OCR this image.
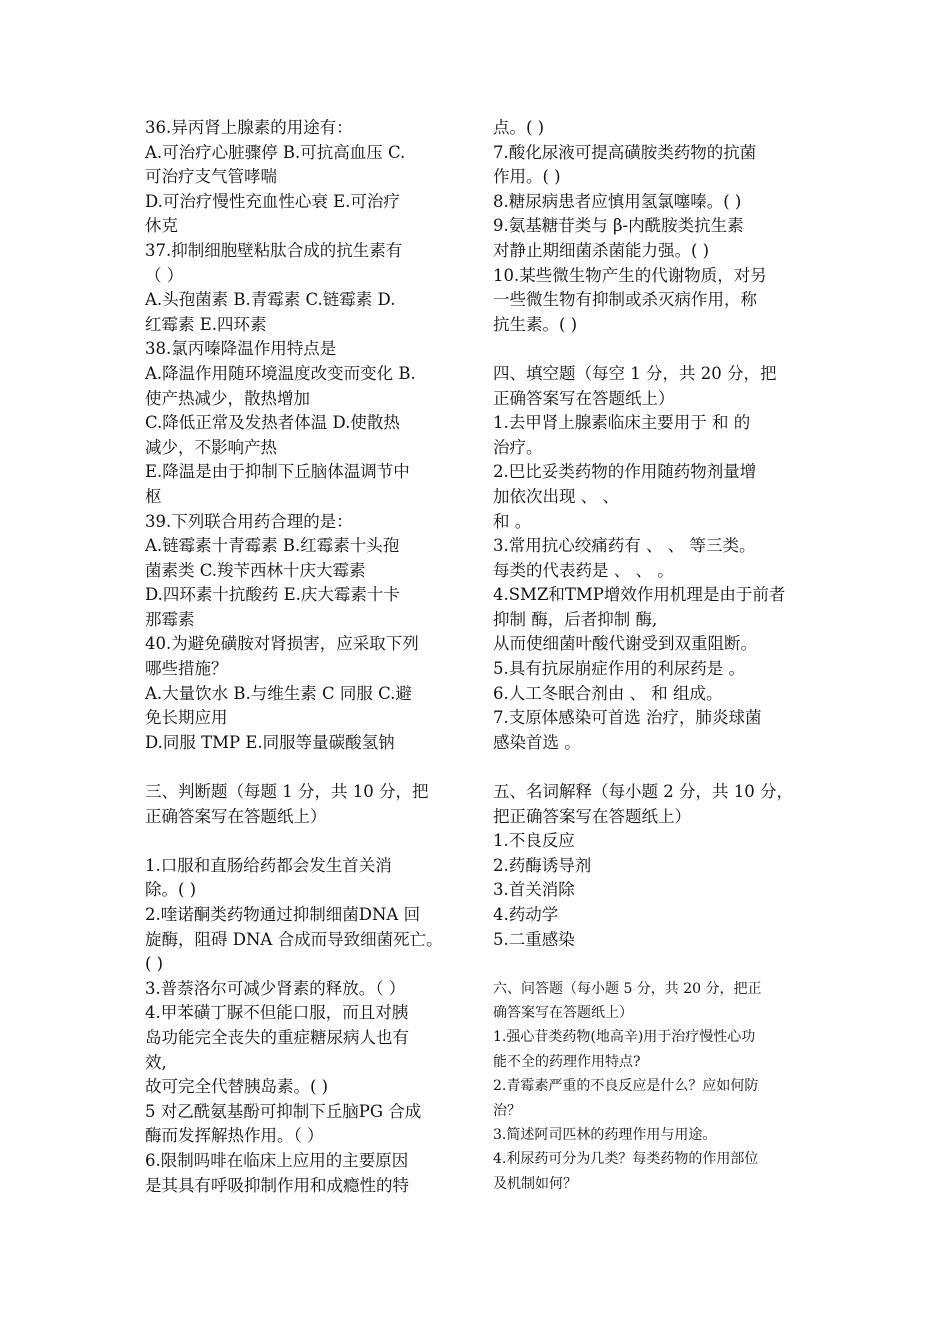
36.异丙肾上腺素的用途有：

A.可治疗心脏骤停 B.可抗高血压 C.

可治疗支气管哮喘

D.可治疗慢性充血性心衰 E.可治疗

休克

37.抑制细胞壁粘肽合成的抗生素有

（ ）

A.头孢菌素 B.青霉素 C.链霉素 D.

红霉素 E.四环素

38.氯丙嗪降温作用特点是

A.降温作用随环境温度改变而变化 B.

使产热减少，散热增加

C.降低正常及发热者体温 D.使散热

减少，不影响产热

E.降温是由于抑制下丘脑体温调节中

枢

39.下列联合用药合理的是：

A.链霉素十青霉素 B.红霉素十头孢

菌素类 C.羧苄西林十庆大霉素

D.四环素十抗酸药 E.庆大霉素十卡

那霉素

40.为避免磺胺对肾损害，应采取下列

哪些措施？

A.大量饮水 B.与维生素 C 同服 C.避

免长期应用

D.同服 TMP E.同服等量碳酸氢钠

三、判断题（每题 1 分，共 10 分，把

正确答案写在答题纸上）

1.口服和直肠给药都会发生首关消

除。( )

2.喹诺酮类药物通过抑制细菌DNA 回

旋酶，阻碍 DNA 合成而导致细菌死亡。

( )

3.普萘洛尔可减少肾素的释放。（ ）

4.甲苯磺丁脲不但能口服，而且对胰

岛功能完全丧失的重症糖尿病人也有

效,

故可完全代替胰岛素。( )

5 对乙酰氨基酚可抑制下丘脑PG 合成

酶而发挥解热作用。（ ）

6.限制吗啡在临床上应用的主要原因

是其具有呼吸抑制作用和成瘾性的特

点。( )

7.酸化尿液可提高磺胺类药物的抗菌

作用。( )

8.糖尿病患者应慎用氢氯噻嗪。( )

9.氨基糖苷类与 β-内酰胺类抗生素

对静止期细菌杀菌能力强。( )

10.某些微生物产生的代谢物质，对另

一些微生物有抑制或杀灭病作用，称

抗生素。( )

四、填空题（每空 1 分，共 20 分，把

正确答案写在答题纸上）

1.去甲肾上腺素临床主要用于 和 的

治疗。

2.巴比妥类药物的作用随药物剂量增

加依次出现 、 、

和 。

3.常用抗心绞痛药有 、 、 等三类。

每类的代表药是 、 、 。

4.SMZ和TMP增效作用机理是由于前者

抑制 酶，后者抑制 酶,

从而使细菌叶酸代谢受到双重阻断。

5.具有抗尿崩症作用的利尿药是 。

6.人工冬眠合剂由 、 和 组成。

7.支原体感染可首选 治疗，肺炎球菌

感染首选 。

五、名词解释（每小题 2 分，共 10 分，

把正确答案写在答题纸上）

1.不良反应

2.药酶诱导剂

3.首关消除

4.药动学

5.二重感染

六、问答题（每小题 5 分，共 20 分，把正

确答案写在答题纸上）

1.强心苷类药物(地高辛)用于治疗慢性心功

能不全的药理作用特点?

2.青霉素严重的不良反应是什么？应如何防

治？

3.简述阿司匹林的药理作用与用途。

4.利尿药可分为几类？每类药物的作用部位

及机制如何？
